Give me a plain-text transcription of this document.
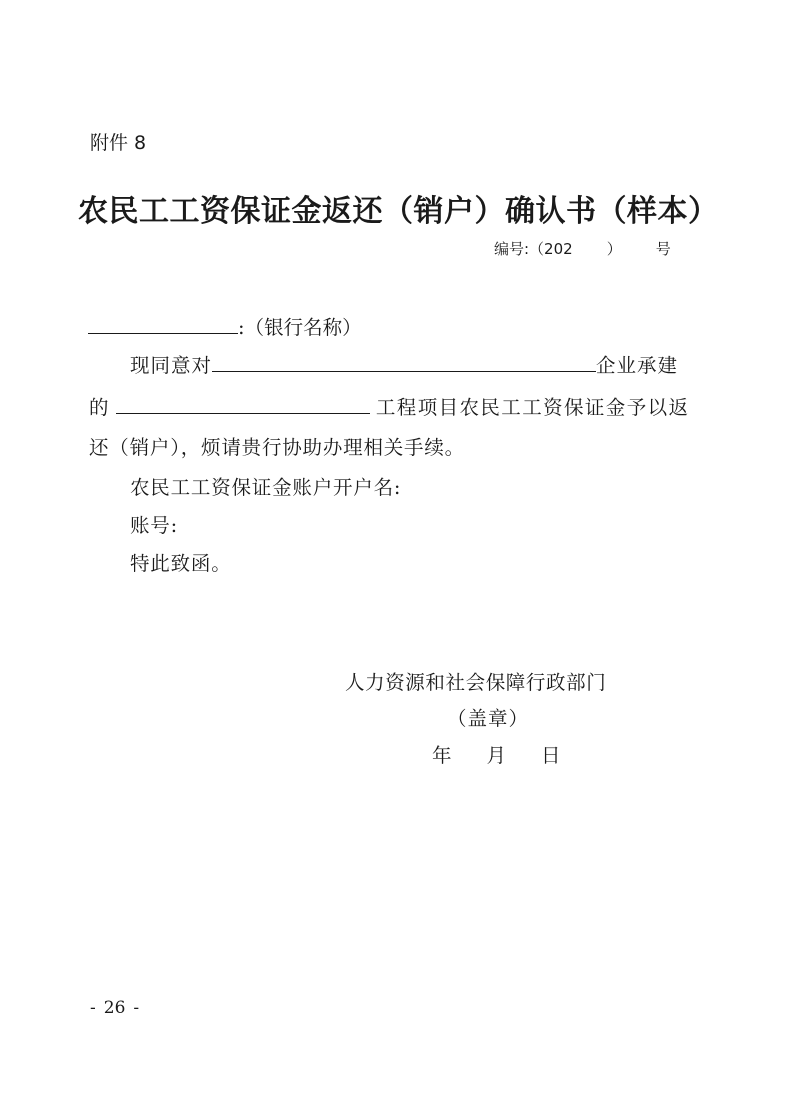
附件 8
农民工工资保证金返还（销户）确认书（样本）
编号:（202 ） 号
:（银行名称）
现同意对	企业承建
的	工程项目农民工工资保证金予以返
还（销户），烦请贵行协助办理相关手续。
农民工工资保证金账户开户名:
账号:
特此致函。
人力资源和社会保障行政部门
（盖章）
年 月 日
- 26 -
